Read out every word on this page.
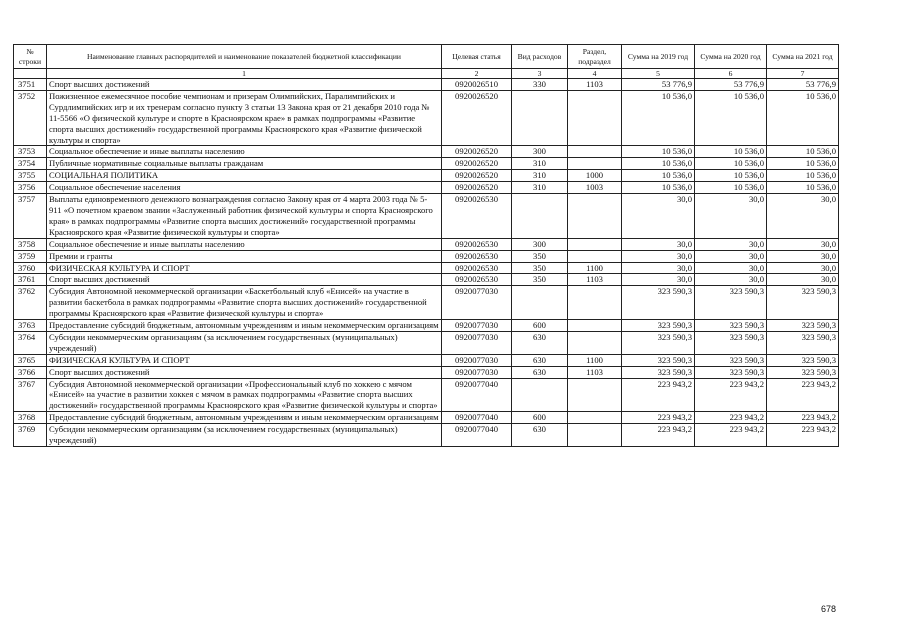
№ строки	Наименование главных распорядителей и наименование показателей бюджетной классификации	Целевая статья	Вид расходов	Раздел, подраздел	Сумма на 2019 год	Сумма на 2020 год	Сумма на 2021 год
	1	2	3	4	5	6	7
3751	Спорт высших достижений	0920026510	330	1103	53 776,9	53 776,9	53 776,9
3752	Пожизненное ежемесячное пособие чемпионам и призерам Олимпийских, Паралимпийских и Сурдлимпийских игр и их тренерам согласно пункту 3 статьи 13 Закона края от 21 декабря 2010 года № 11-5566 «О физической культуре и спорте в Красноярском крае» в рамках подпрограммы «Развитие спорта высших достижений» государственной программы Красноярского края «Развитие физической культуры и спорта»	0920026520			10 536,0	10 536,0	10 536,0
3753	Социальное обеспечение и иные выплаты населению	0920026520	300		10 536,0	10 536,0	10 536,0
3754	Публичные нормативные социальные выплаты гражданам	0920026520	310		10 536,0	10 536,0	10 536,0
3755	СОЦИАЛЬНАЯ ПОЛИТИКА	0920026520	310	1000	10 536,0	10 536,0	10 536,0
3756	Социальное обеспечение населения	0920026520	310	1003	10 536,0	10 536,0	10 536,0
3757	Выплаты единовременного денежного вознаграждения согласно Закону края от 4 марта 2003 года № 5-911 «О почетном краевом звании «Заслуженный работник физической культуры и спорта Красноярского края» в рамках подпрограммы «Развитие спорта высших достижений» государственной программы Красноярского края «Развитие физической культуры и спорта»	0920026530			30,0	30,0	30,0
3758	Социальное обеспечение и иные выплаты населению	0920026530	300		30,0	30,0	30,0
3759	Премии и гранты	0920026530	350		30,0	30,0	30,0
3760	ФИЗИЧЕСКАЯ КУЛЬТУРА И СПОРТ	0920026530	350	1100	30,0	30,0	30,0
3761	Спорт высших достижений	0920026530	350	1103	30,0	30,0	30,0
3762	Субсидия Автономной некоммерческой организации «Баскетбольный клуб «Енисей» на участие в развитии баскетбола в рамках подпрограммы «Развитие спорта высших достижений» государственной программы Красноярского края «Развитие физической культуры и спорта»	0920077030			323 590,3	323 590,3	323 590,3
3763	Предоставление субсидий бюджетным, автономным учреждениям и иным некоммерческим организациям	0920077030	600		323 590,3	323 590,3	323 590,3
3764	Субсидии некоммерческим организациям (за исключением государственных (муниципальных) учреждений)	0920077030	630		323 590,3	323 590,3	323 590,3
3765	ФИЗИЧЕСКАЯ КУЛЬТУРА И СПОРТ	0920077030	630	1100	323 590,3	323 590,3	323 590,3
3766	Спорт высших достижений	0920077030	630	1103	323 590,3	323 590,3	323 590,3
3767	Субсидия Автономной некоммерческой организации «Профессиональный клуб по хоккею с мячом «Енисей» на участие в развитии хоккея с мячом в рамках подпрограммы «Развитие спорта высших достижений» государственной программы Красноярского края «Развитие физической культуры и спорта»	0920077040			223 943,2	223 943,2	223 943,2
3768	Предоставление субсидий бюджетным, автономным учреждениям и иным некоммерческим организациям	0920077040	600		223 943,2	223 943,2	223 943,2
3769	Субсидии некоммерческим организациям (за исключением государственных (муниципальных) учреждений)	0920077040	630		223 943,2	223 943,2	223 943,2
678
